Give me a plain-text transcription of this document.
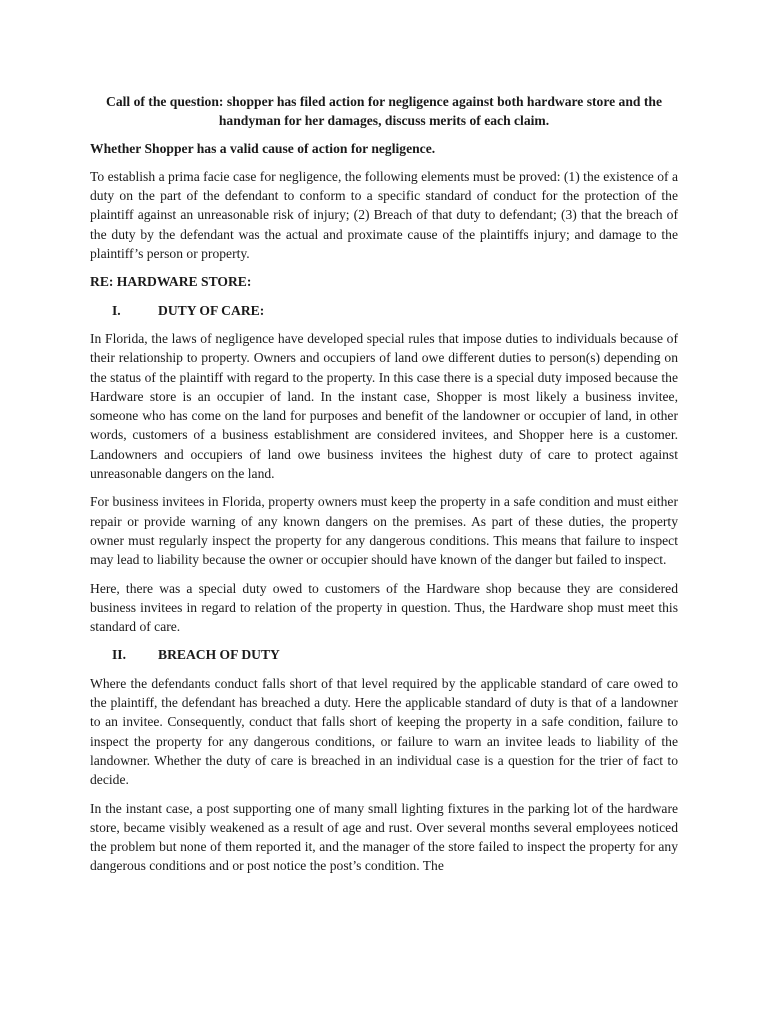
Call of the question: shopper has filed action for negligence against both hardware store and the handyman for her damages, discuss merits of each claim.

Whether Shopper has a valid cause of action for negligence.

To establish a prima facie case for negligence, the following elements must be proved: (1) the existence of a duty on the part of the defendant to conform to a specific standard of conduct for the protection of the plaintiff against an unreasonable risk of injury; (2) Breach of that duty to defendant; (3) that the breach of the duty by the defendant was the actual and proximate cause of the plaintiffs injury; and damage to the plaintiff’s person or property.

RE: HARDWARE STORE:

I.	DUTY OF CARE:

In Florida, the laws of negligence have developed special rules that impose duties to individuals because of their relationship to property. Owners and occupiers of land owe different duties to person(s) depending on the status of the plaintiff with regard to the property. In this case there is a special duty imposed because the Hardware store is an occupier of land. In the instant case, Shopper is most likely a business invitee, someone who has come on the land for purposes and benefit of the landowner or occupier of land, in other words, customers of a business establishment are considered invitees, and Shopper here is a customer. Landowners and occupiers of land owe business invitees the highest duty of care to protect against unreasonable dangers on the land.

For business invitees in Florida, property owners must keep the property in a safe condition and must either repair or provide warning of any known dangers on the premises. As part of these duties, the property owner must regularly inspect the property for any dangerous conditions. This means that failure to inspect may lead to liability because the owner or occupier should have known of the danger but failed to inspect.

Here, there was a special duty owed to customers of the Hardware shop because they are considered business invitees in regard to relation of the property in question. Thus, the Hardware shop must meet this standard of care.

II.	BREACH OF DUTY

Where the defendants conduct falls short of that level required by the applicable standard of care owed to the plaintiff, the defendant has breached a duty. Here the applicable standard of duty is that of a landowner to an invitee. Consequently, conduct that falls short of keeping the property in a safe condition, failure to inspect the property for any dangerous conditions, or failure to warn an invitee leads to liability of the landowner. Whether the duty of care is breached in an individual case is a question for the trier of fact to decide.

In the instant case, a post supporting one of many small lighting fixtures in the parking lot of the hardware store, became visibly weakened as a result of age and rust. Over several months several employees noticed the problem but none of them reported it, and the manager of the store failed to inspect the property for any dangerous conditions and or post notice the post’s condition. The
